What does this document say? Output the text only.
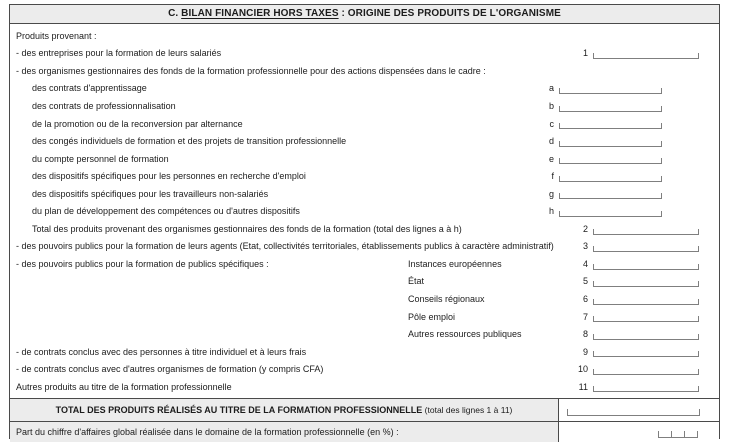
C. BILAN FINANCIER HORS TAXES : ORIGINE DES PRODUITS DE L'ORGANISME
Produits provenant :
- des entreprises pour la formation de leurs salariés	1
- des organismes gestionnaires des fonds de la formation professionnelle pour des actions dispensées dans le cadre :
des contrats d'apprentissage	a
des contrats de professionnalisation	b
de la promotion ou de la reconversion par alternance	c
des congés individuels de formation et des projets de transition professionnelle	d
du compte personnel de formation	e
des dispositifs spécifiques pour les personnes en recherche d'emploi	f
des dispositifs spécifiques pour les travailleurs non-salariés	g
du plan de développement des compétences ou d'autres dispositifs	h
Total des produits provenant des organismes gestionnaires des fonds de la formation (total des lignes a à h)	2
- des pouvoirs publics pour la formation de leurs agents (Etat, collectivités territoriales, établissements publics à caractère administratif)	3
- des pouvoirs publics pour la formation de publics spécifiques :	Instances européennes	4
État	5
Conseils régionaux	6
Pôle emploi	7
Autres ressources publiques	8
- de contrats conclus avec des personnes à titre individuel et à leurs frais	9
- de contrats conclus avec d'autres organismes de formation (y compris CFA)	10
Autres produits au titre de la formation professionnelle	11
TOTAL DES PRODUITS RÉALISÉS AU TITRE DE LA FORMATION PROFESSIONNELLE (total des lignes 1 à 11)
Part du chiffre d'affaires global réalisée dans le domaine de la formation professionnelle (en %) :
